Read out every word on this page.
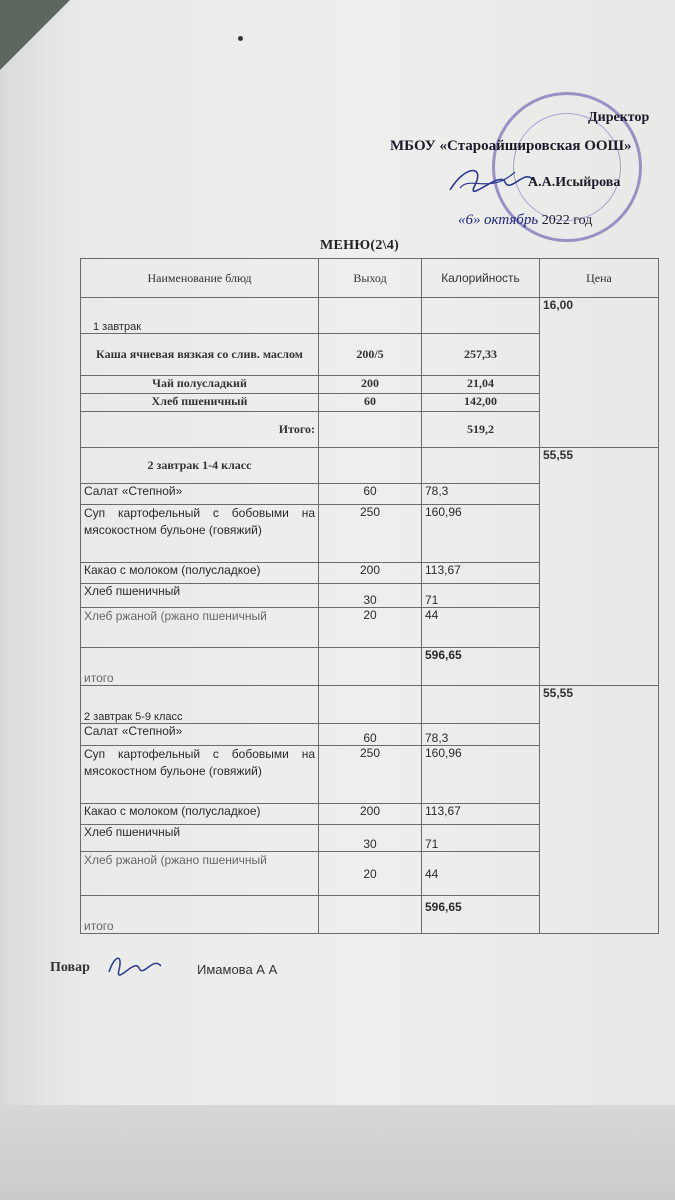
Директор
МБОУ «Староайшировская ООШ»
А.А.Исыйрова
«6» октябрь 2022 год
МЕНЮ(2\4)
Наименование блюд	Выход	Калорийность	Цена
1 завтрак			16,00
Каша ячневая вязкая со слив. маслом	200/5	257,33	
Чай полусладкий	200	21,04	
Хлеб пшеничный	60	142,00	
Итого:		519,2	
2 завтрак 1-4 класс			55,55
Салат «Степной»	60	78,3	
Суп картофельный с бобовыми на мясокостном бульоне (говяжий)	250	160,96	
Какао с молоком (полусладкое)	200	113,67	
Хлеб пшеничный	30	71	
Хлеб ржаной (ржано пшеничный	20	44	
итого		596,65	
2 завтрак 5-9 класс			55,55
Салат «Степной»	60	78,3	
Суп картофельный с бобовыми на мясокостном бульоне (говяжий)	250	160,96	
Какао с молоком (полусладкое)	200	113,67	
Хлеб пшеничный	30	71	
Хлеб ржаной (ржано пшеничный	20	44	
итого		596,65	
Повар	Имамова А А
